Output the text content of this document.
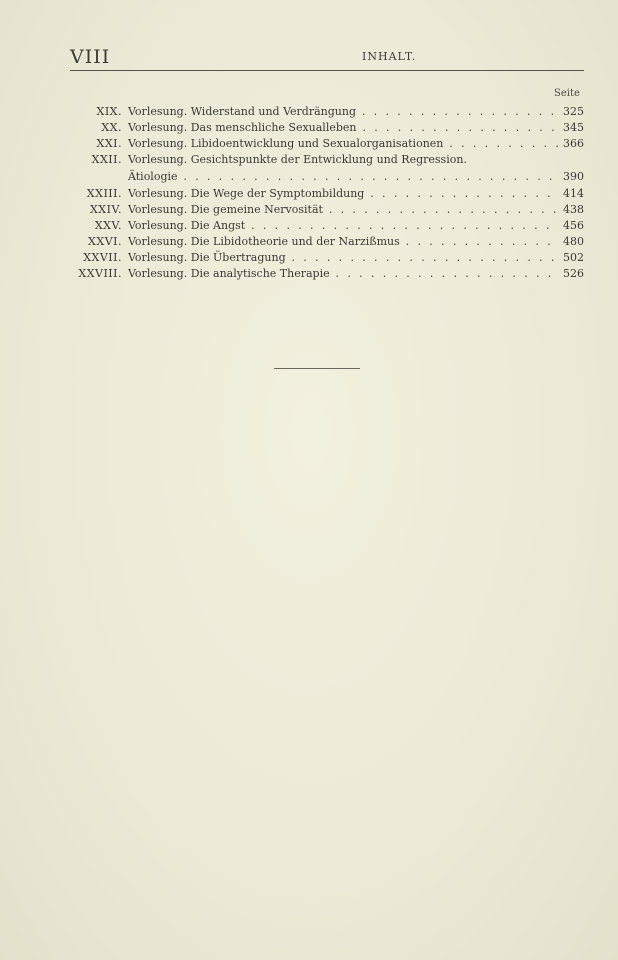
VIII	INHALT.
Seite
XIX. Vorlesung. Widerstand und Verdrängung . . .	325
XX. Vorlesung. Das menschliche Sexualleben . . .	345
XXI. Vorlesung. Libidoentwicklung und Sexualorganisationen . . .	366
XXII. Vorlesung. Gesichtspunkte der Entwicklung und Regression.
Ätiologie . . .	390
XXIII. Vorlesung. Die Wege der Symptombildung . . .	414
XXIV. Vorlesung. Die gemeine Nervosität . . .	438
XXV. Vorlesung. Die Angst . . .	456
XXVI. Vorlesung. Die Libidotheorie und der Narzißmus . . .	480
XXVII. Vorlesung. Die Übertragung . . .	502
XXVIII. Vorlesung. Die analytische Therapie . . .	526
